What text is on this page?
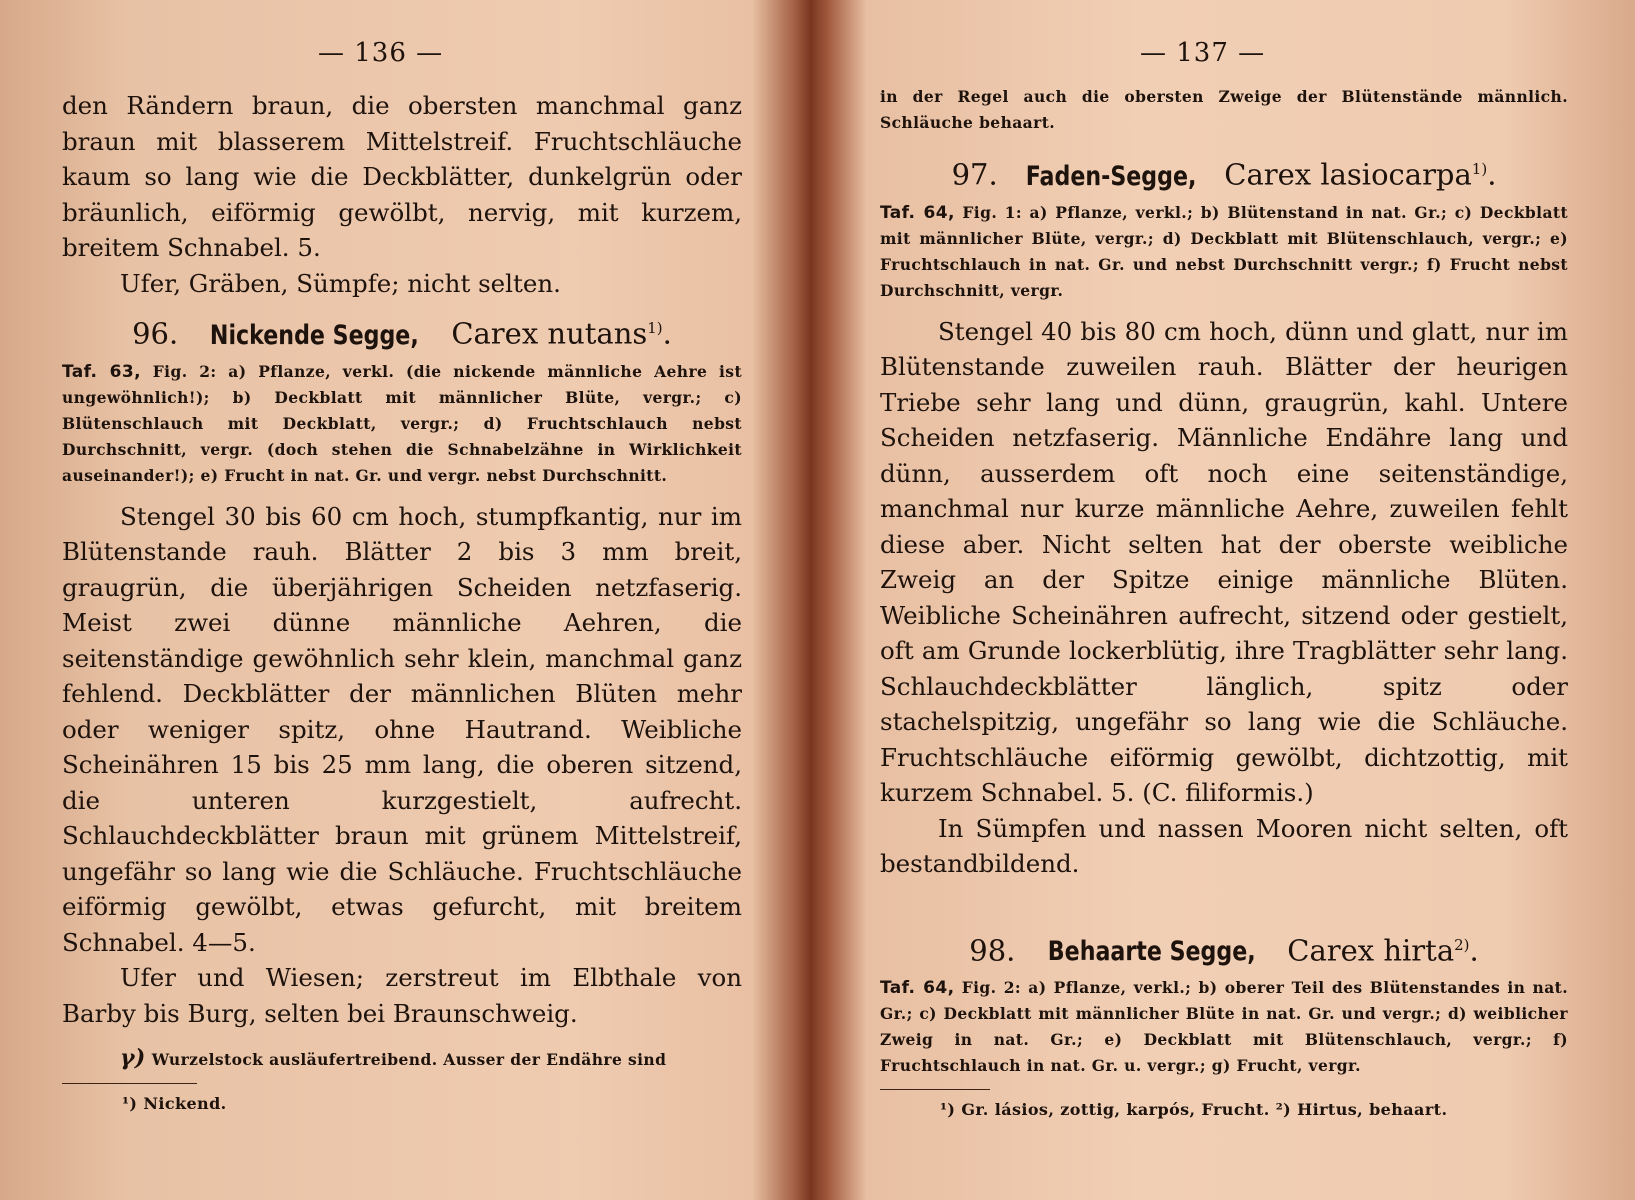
— 136 —

den Rändern braun, die obersten manchmal ganz braun mit blasserem Mittelstreif. Fruchtschläuche kaum so lang wie die Deckblätter, dunkelgrün oder bräunlich, eiförmig gewölbt, nervig, mit kurzem, breitem Schnabel. 5.

Ufer, Gräben, Sümpfe; nicht selten.

96. Nickende Segge, Carex nutans$^{1)}$.

Taf. 63, Fig. 2: a) Pflanze, verkl. (die nickende männliche Aehre ist ungewöhnlich!); b) Deckblatt mit männlicher Blüte, vergr.; c) Blütenschlauch mit Deckblatt, vergr.; d) Fruchtschlauch nebst Durchschnitt, vergr. (doch stehen die Schnabelzähne in Wirklichkeit auseinander!); e) Frucht in nat. Gr. und vergr. nebst Durchschnitt.

Stengel 30 bis 60 cm hoch, stumpfkantig, nur im Blütenstande rauh. Blätter 2 bis 3 mm breit, graugrün, die überjährigen Scheiden netzfaserig. Meist zwei dünne männliche Aehren, die seitenständige gewöhnlich sehr klein, manchmal ganz fehlend. Deckblätter der männlichen Blüten mehr oder weniger spitz, ohne Hautrand. Weibliche Scheinähren 15 bis 25 mm lang, die oberen sitzend, die unteren kurzgestielt, aufrecht. Schlauchdeckblätter braun mit grünem Mittelstreif, ungefähr so lang wie die Schläuche. Fruchtschläuche eiförmig gewölbt, etwas gefurcht, mit breitem Schnabel. 4—5.

Ufer und Wiesen; zerstreut im Elbthale von Barby bis Burg, selten bei Braunschweig.

γ) Wurzelstock ausläufertreibend. Ausser der Endähre sind

¹) Nickend.

— 137 —

in der Regel auch die obersten Zweige der Blütenstände männlich. Schläuche behaart.

97. Faden-Segge, Carex lasiocarpa$^{1)}$.

Taf. 64, Fig. 1: a) Pflanze, verkl.; b) Blütenstand in nat. Gr.; c) Deckblatt mit männlicher Blüte, vergr.; d) Deckblatt mit Blütenschlauch, vergr.; e) Fruchtschlauch in nat. Gr. und nebst Durchschnitt vergr.; f) Frucht nebst Durchschnitt, vergr.

Stengel 40 bis 80 cm hoch, dünn und glatt, nur im Blütenstande zuweilen rauh. Blätter der heurigen Triebe sehr lang und dünn, graugrün, kahl. Untere Scheiden netzfaserig. Männliche Endähre lang und dünn, ausserdem oft noch eine seitenständige, manchmal nur kurze männliche Aehre, zuweilen fehlt diese aber. Nicht selten hat der oberste weibliche Zweig an der Spitze einige männliche Blüten. Weibliche Scheinähren aufrecht, sitzend oder gestielt, oft am Grunde lockerblütig, ihre Tragblätter sehr lang. Schlauchdeckblätter länglich, spitz oder stachelspitzig, ungefähr so lang wie die Schläuche. Fruchtschläuche eiförmig gewölbt, dichtzottig, mit kurzem Schnabel. 5. (C. filiformis.)

In Sümpfen und nassen Mooren nicht selten, oft bestandbildend.

98. Behaarte Segge, Carex hirta$^{2)}$.

Taf. 64, Fig. 2: a) Pflanze, verkl.; b) oberer Teil des Blütenstandes in nat. Gr.; c) Deckblatt mit männlicher Blüte in nat. Gr. und vergr.; d) weiblicher Zweig in nat. Gr.; e) Deckblatt mit Blütenschlauch, vergr.; f) Fruchtschlauch in nat. Gr. u. vergr.; g) Frucht, vergr.

¹) Gr. lásios, zottig, karpós, Frucht. ²) Hirtus, behaart.
